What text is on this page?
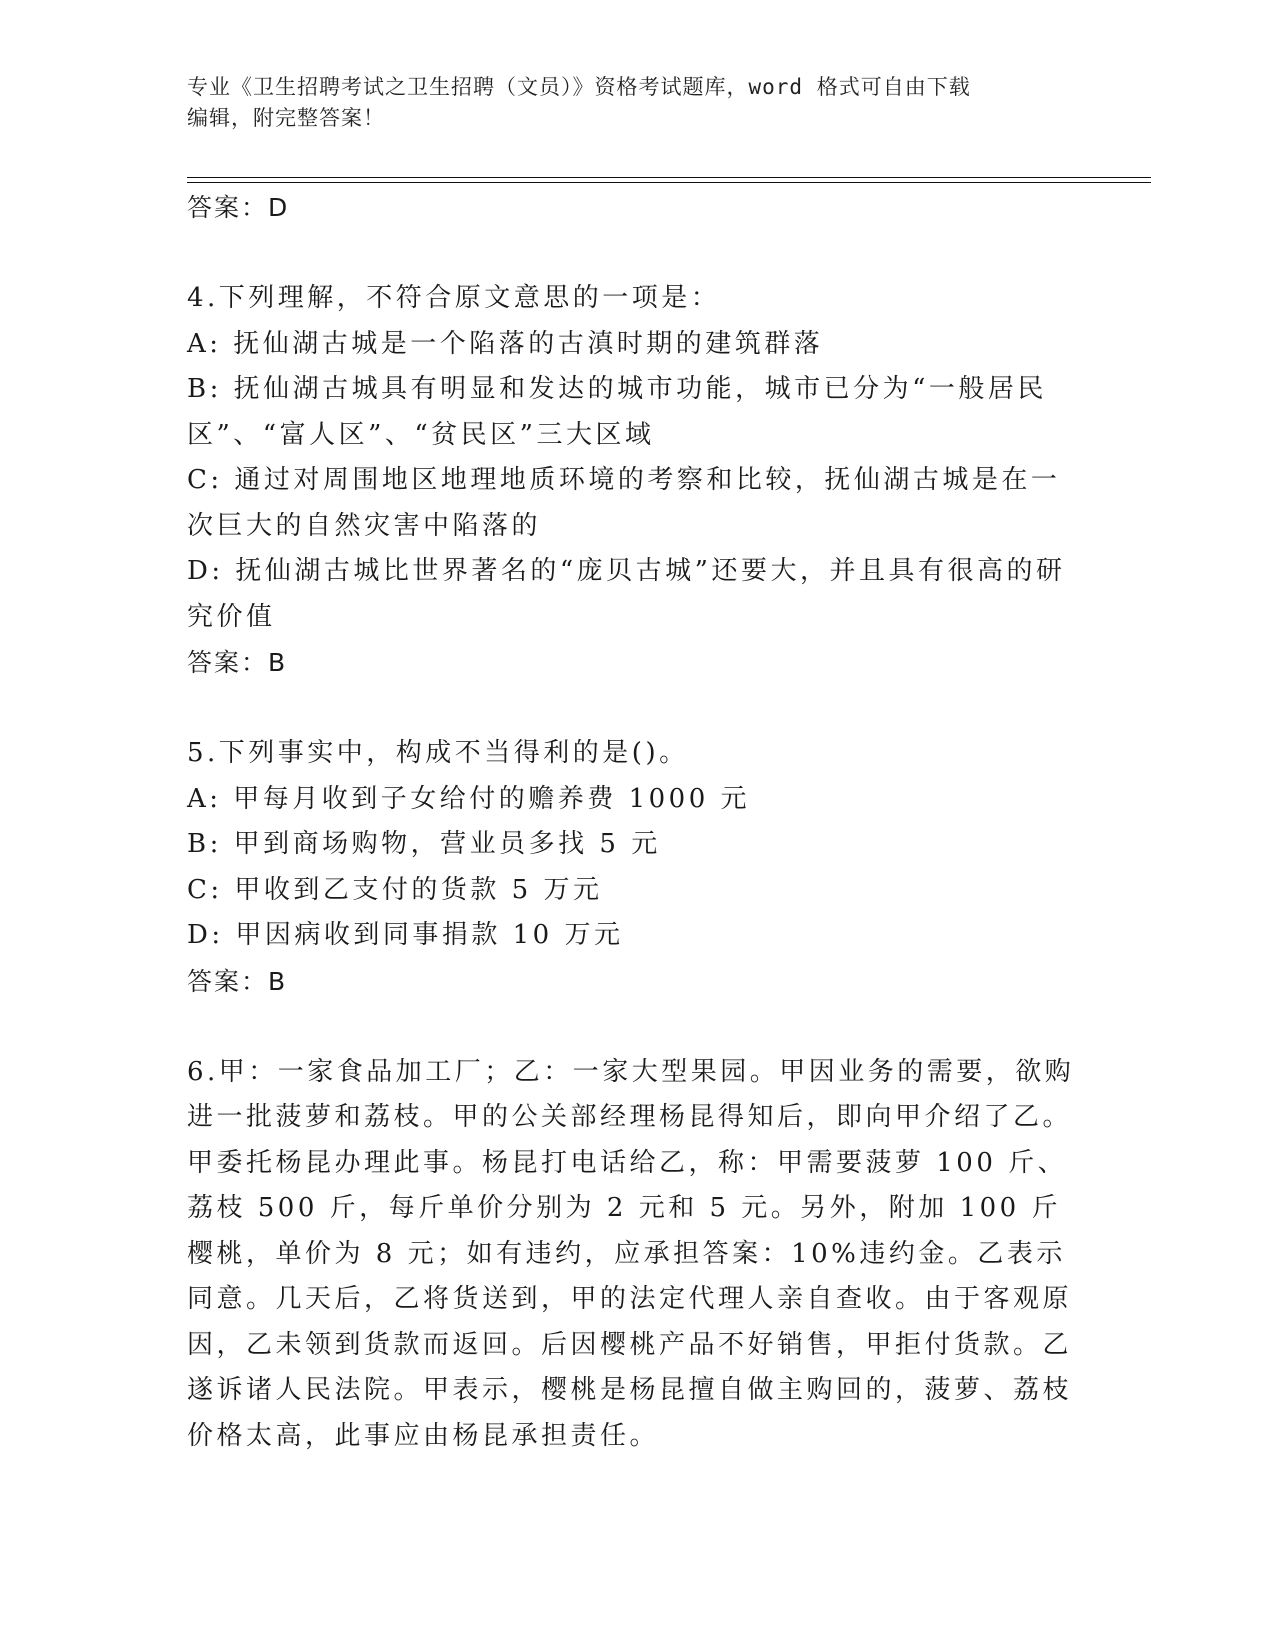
专业《卫生招聘考试之卫生招聘（文员）》资格考试题库，word 格式可自由下载
编辑，附完整答案！
答案：D
4.下列理解，不符合原文意思的一项是：
A: 抚仙湖古城是一个陷落的古滇时期的建筑群落
B: 抚仙湖古城具有明显和发达的城市功能，城市已分为“一般居民区”、“富人区”、“贫民区”三大区域
C: 通过对周围地区地理地质环境的考察和比较，抚仙湖古城是在一次巨大的自然灾害中陷落的
D: 抚仙湖古城比世界著名的“庞贝古城”还要大，并且具有很高的研究价值
答案：B
5.下列事实中，构成不当得利的是()。
A: 甲每月收到子女给付的赡养费 1000 元
B: 甲到商场购物，营业员多找 5 元
C: 甲收到乙支付的货款 5 万元
D: 甲因病收到同事捐款 10 万元
答案：B
6.甲：一家食品加工厂；乙：一家大型果园。甲因业务的需要，欲购进一批菠萝和荔枝。甲的公关部经理杨昆得知后，即向甲介绍了乙。甲委托杨昆办理此事。杨昆打电话给乙，称：甲需要菠萝 100 斤、荔枝 500 斤，每斤单价分别为 2 元和 5 元。另外，附加 100 斤樱桃，单价为 8 元；如有违约，应承担答案：10%违约金。乙表示同意。几天后，乙将货送到，甲的法定代理人亲自查收。由于客观原因，乙未领到货款而返回。后因樱桃产品不好销售，甲拒付货款。乙遂诉诸人民法院。甲表示，樱桃是杨昆擅自做主购回的，菠萝、荔枝价格太高，此事应由杨昆承担责任。
